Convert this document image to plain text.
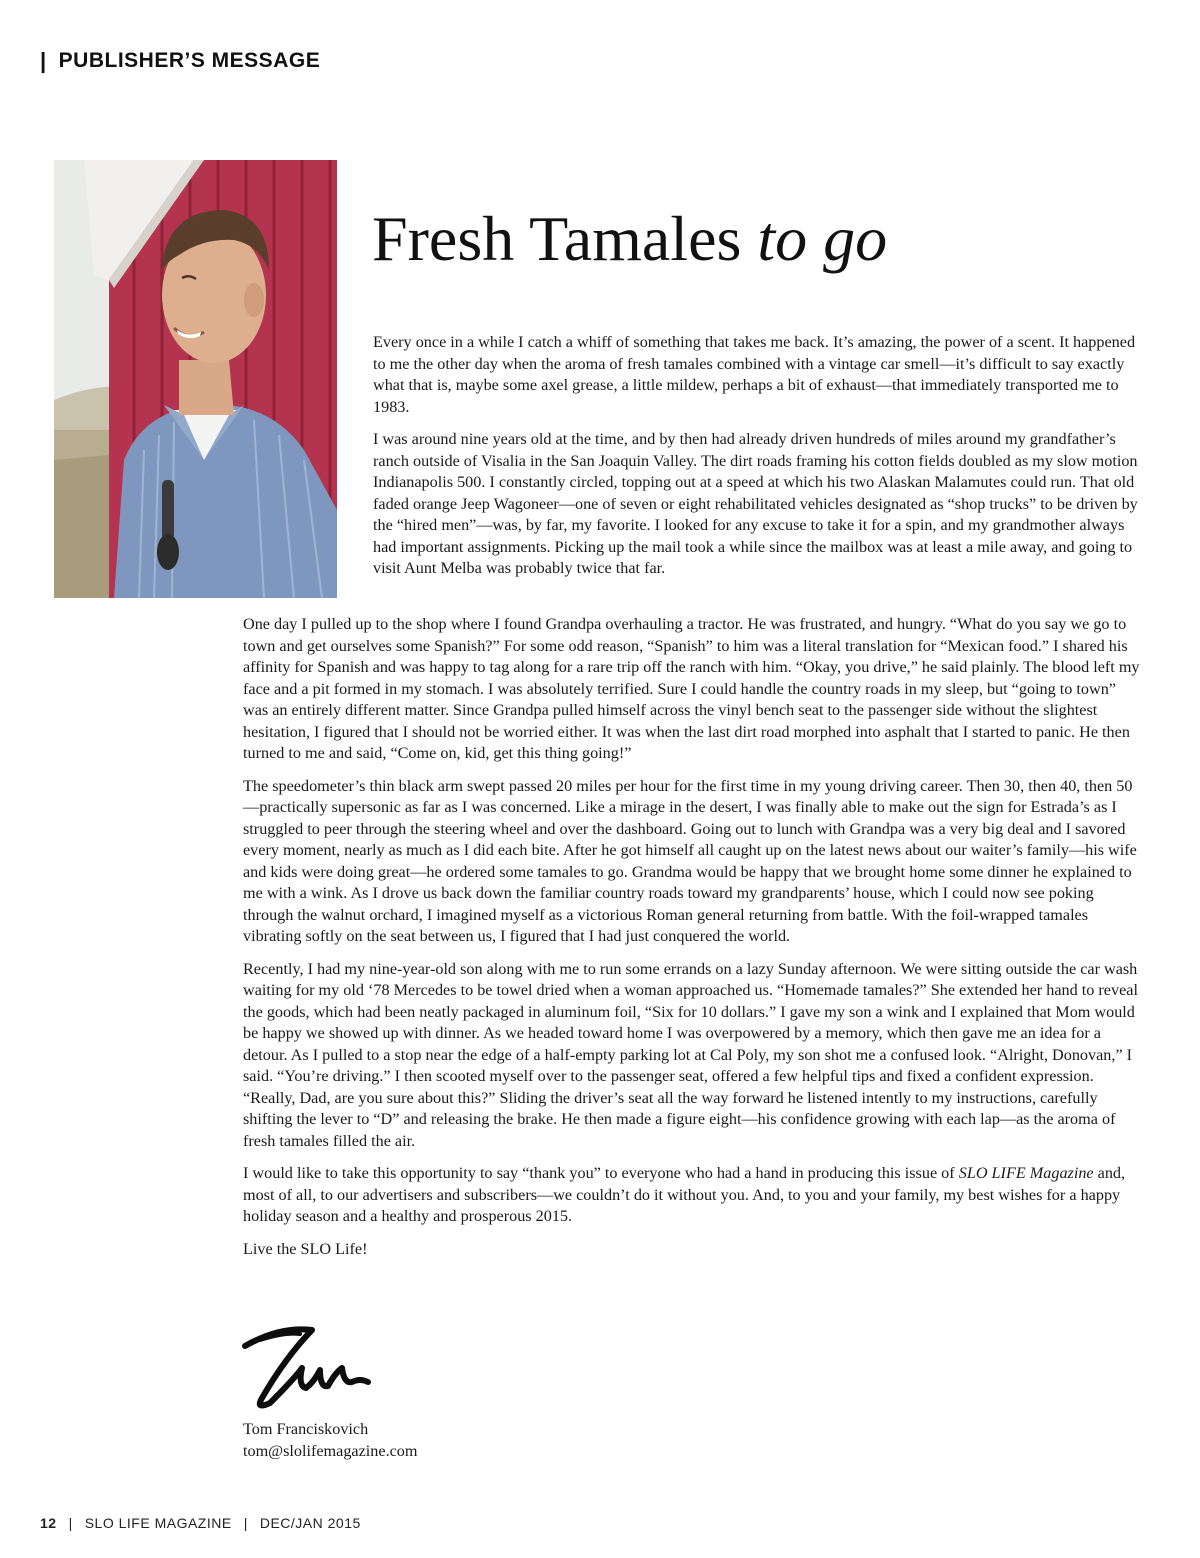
| PUBLISHER’S MESSAGE
Fresh Tamales to go

Every once in a while I catch a whiff of something that takes me back. It’s amazing, the power of a scent. It happened to me the other day when the aroma of fresh tamales combined with a vintage car smell—it’s difficult to say exactly what that is, maybe some axel grease, a little mildew, perhaps a bit of exhaust—that immediately transported me to 1983.

I was around nine years old at the time, and by then had already driven hundreds of miles around my grandfather’s ranch outside of Visalia in the San Joaquin Valley. The dirt roads framing his cotton fields doubled as my slow motion Indianapolis 500. I constantly circled, topping out at a speed at which his two Alaskan Malamutes could run. That old faded orange Jeep Wagoneer—one of seven or eight rehabilitated vehicles designated as “shop trucks” to be driven by the “hired men”—was, by far, my favorite. I looked for any excuse to take it for a spin, and my grandmother always had important assignments. Picking up the mail took a while since the mailbox was at least a mile away, and going to visit Aunt Melba was probably twice that far.

One day I pulled up to the shop where I found Grandpa overhauling a tractor. He was frustrated, and hungry. “What do you say we go to town and get ourselves some Spanish?” For some odd reason, “Spanish” to him was a literal translation for “Mexican food.” I shared his affinity for Spanish and was happy to tag along for a rare trip off the ranch with him. “Okay, you drive,” he said plainly. The blood left my face and a pit formed in my stomach. I was absolutely terrified. Sure I could handle the country roads in my sleep, but “going to town” was an entirely different matter. Since Grandpa pulled himself across the vinyl bench seat to the passenger side without the slightest hesitation, I figured that I should not be worried either. It was when the last dirt road morphed into asphalt that I started to panic. He then turned to me and said, “Come on, kid, get this thing going!”

The speedometer’s thin black arm swept passed 20 miles per hour for the first time in my young driving career. Then 30, then 40, then 50—practically supersonic as far as I was concerned. Like a mirage in the desert, I was finally able to make out the sign for Estrada’s as I struggled to peer through the steering wheel and over the dashboard. Going out to lunch with Grandpa was a very big deal and I savored every moment, nearly as much as I did each bite. After he got himself all caught up on the latest news about our waiter’s family—his wife and kids were doing great—he ordered some tamales to go. Grandma would be happy that we brought home some dinner he explained to me with a wink. As I drove us back down the familiar country roads toward my grandparents’ house, which I could now see poking through the walnut orchard, I imagined myself as a victorious Roman general returning from battle. With the foil-wrapped tamales vibrating softly on the seat between us, I figured that I had just conquered the world.

Recently, I had my nine-year-old son along with me to run some errands on a lazy Sunday afternoon. We were sitting outside the car wash waiting for my old ‘78 Mercedes to be towel dried when a woman approached us. “Homemade tamales?” She extended her hand to reveal the goods, which had been neatly packaged in aluminum foil, “Six for 10 dollars.” I gave my son a wink and I explained that Mom would be happy we showed up with dinner. As we headed toward home I was overpowered by a memory, which then gave me an idea for a detour. As I pulled to a stop near the edge of a half-empty parking lot at Cal Poly, my son shot me a confused look. “Alright, Donovan,” I said. “You’re driving.” I then scooted myself over to the passenger seat, offered a few helpful tips and fixed a confident expression. “Really, Dad, are you sure about this?” Sliding the driver’s seat all the way forward he listened intently to my instructions, carefully shifting the lever to “D” and releasing the brake. He then made a figure eight—his confidence growing with each lap—as the aroma of fresh tamales filled the air.

I would like to take this opportunity to say “thank you” to everyone who had a hand in producing this issue of SLO LIFE Magazine and, most of all, to our advertisers and subscribers—we couldn’t do it without you. And, to you and your family, my best wishes for a happy holiday season and a healthy and prosperous 2015.

Live the SLO Life!

Tom Franciskovich
tom@slolifemagazine.com
12 | SLO LIFE MAGAZINE | DEC/JAN 2015
